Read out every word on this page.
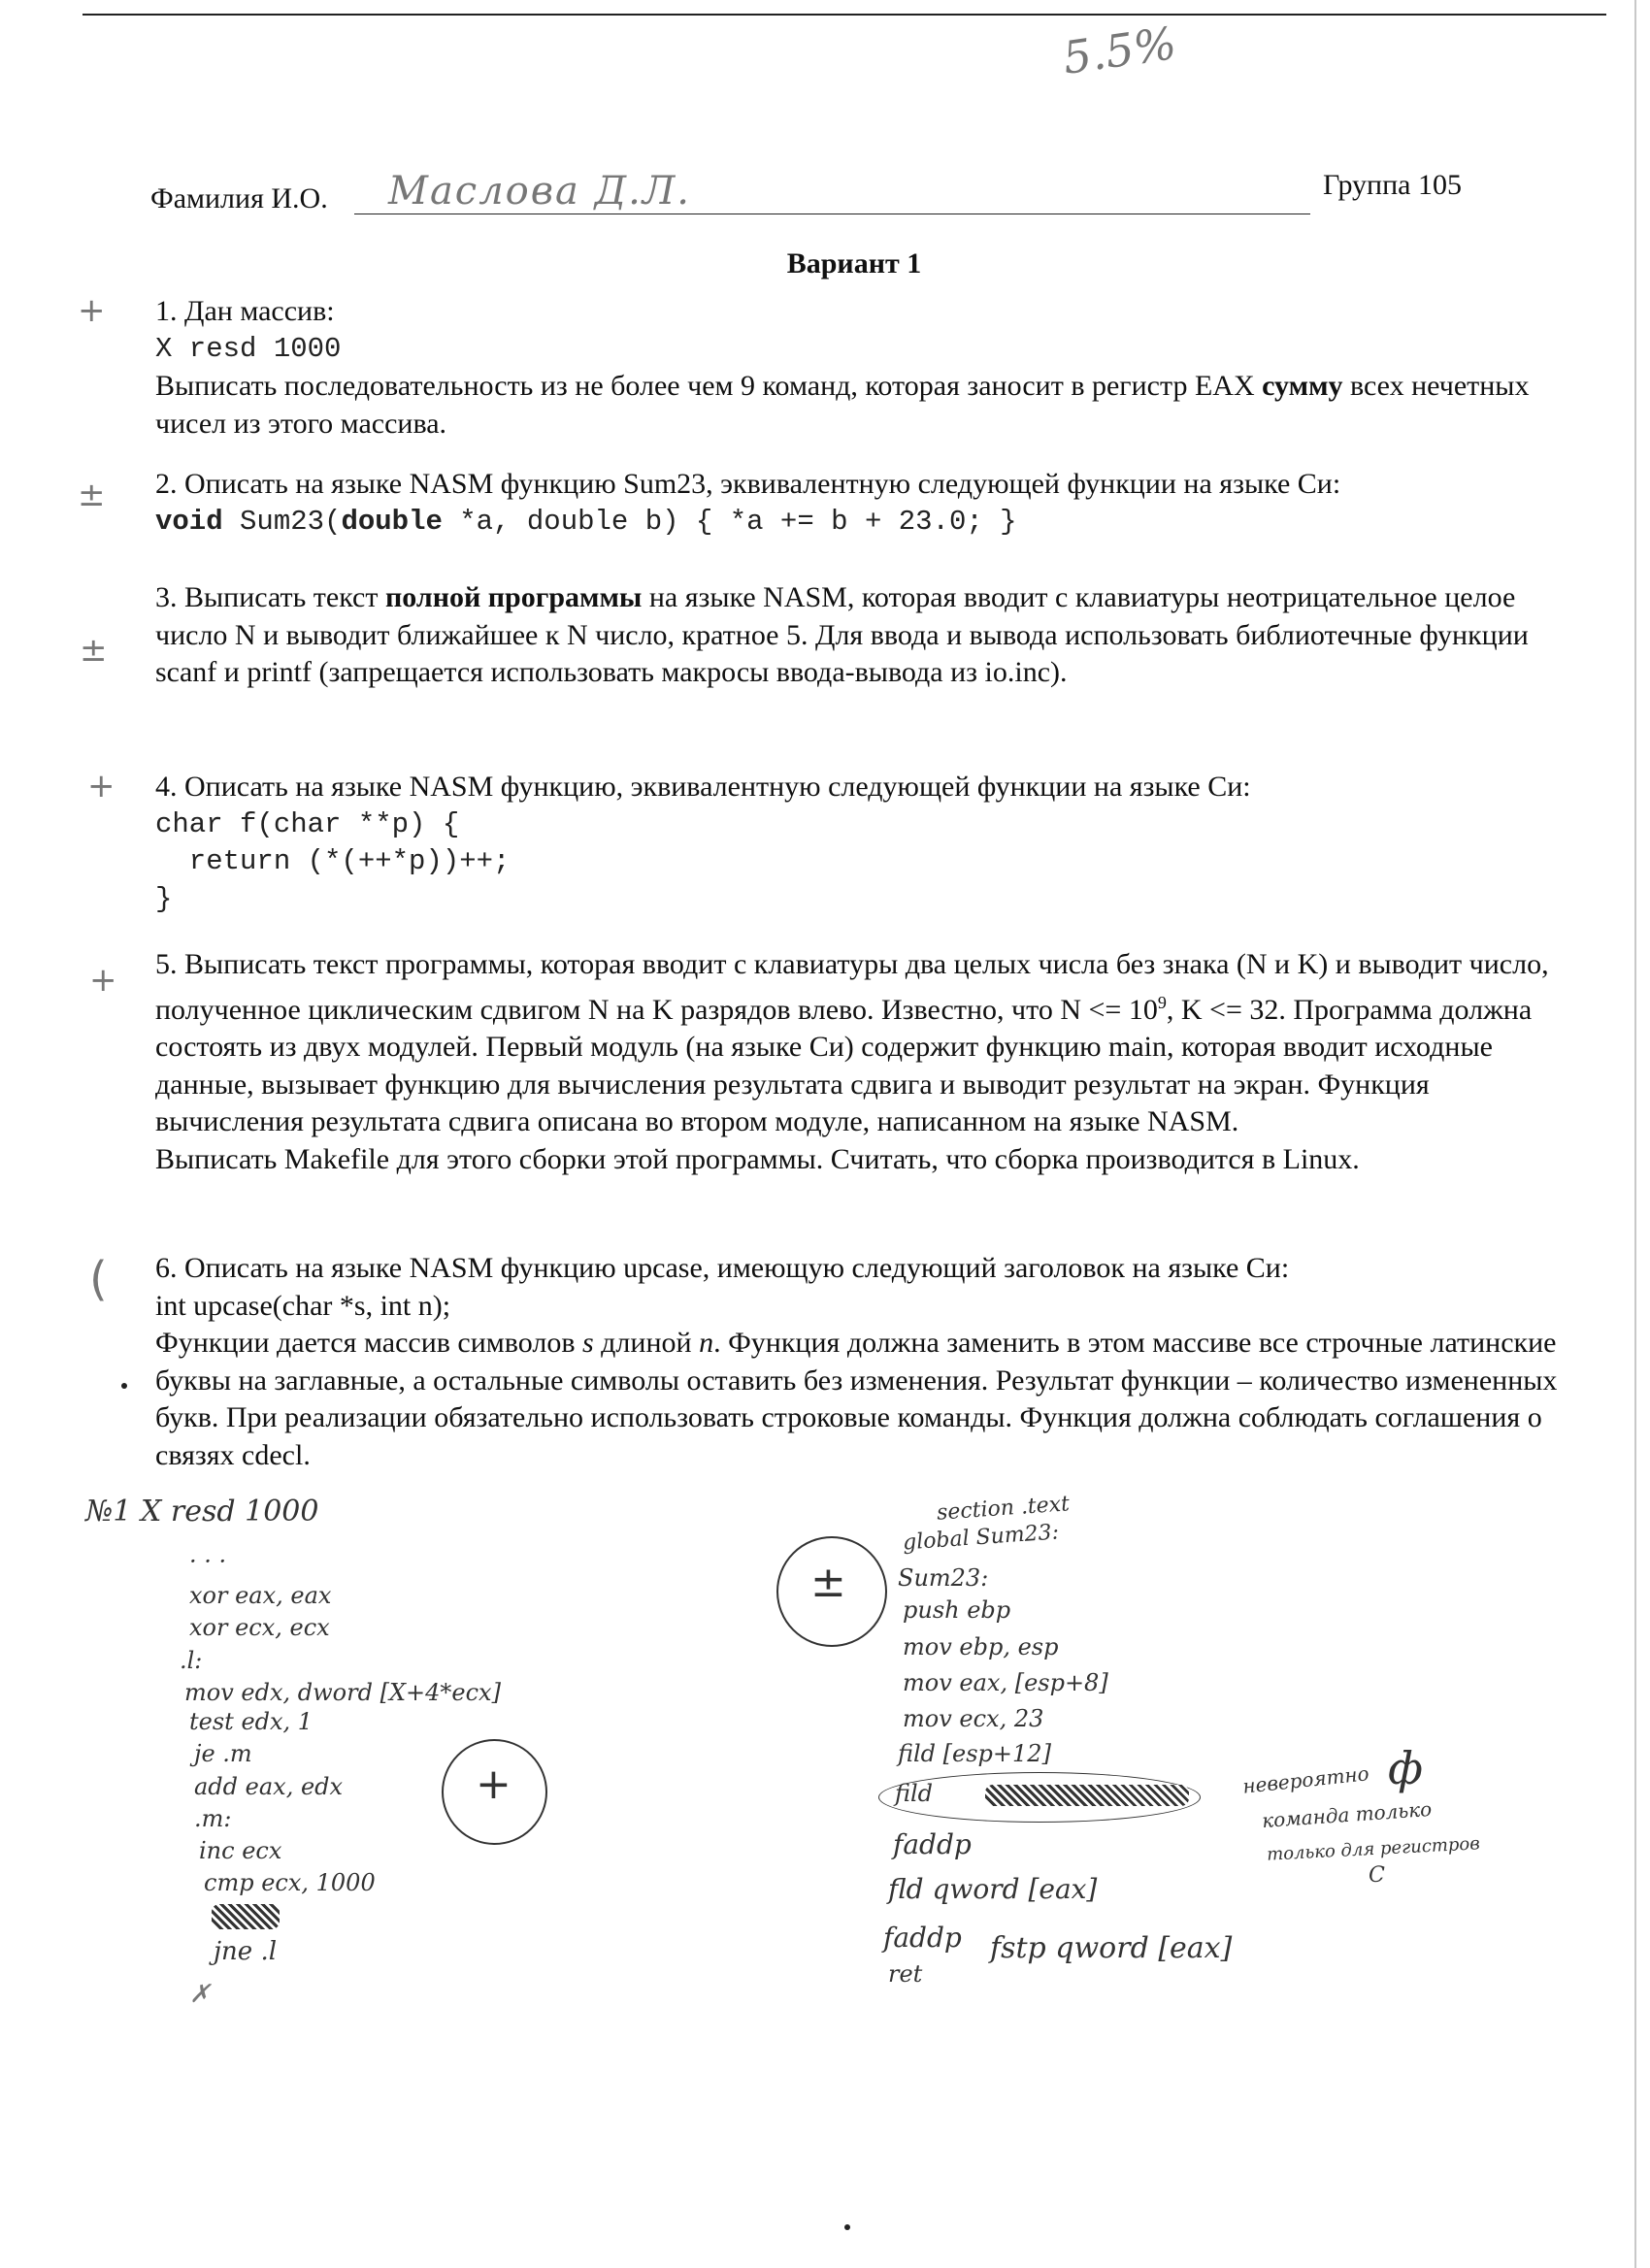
5.5%
Фамилия И.О. Маслова Д.Л.	Группа 105
Вариант 1
1. Дан массив:
X resd 1000
Выписать последовательность из не более чем 9 команд, которая заносит в регистр EAX сумму всех нечетных чисел из этого массива.
2. Описать на языке NASM функцию Sum23, эквивалентную следующей функции на языке Си:
void Sum23(double *a, double b) { *a += b + 23.0; }
3. Выписать текст полной программы на языке NASM, которая вводит с клавиатуры неотрицательное целое число N и выводит ближайшее к N число, кратное 5. Для ввода и вывода использовать библиотечные функции scanf и printf (запрещается использовать макросы ввода-вывода из io.inc).
4. Описать на языке NASM функцию, эквивалентную следующей функции на языке Си:
char f(char **p) {
return (*(++*p))++;
}
5. Выписать текст программы, которая вводит с клавиатуры два целых числа без знака (N и K) и выводит число, полученное циклическим сдвигом N на K разрядов влево. Известно, что $N <= 10^9$, K <= 32. Программа должна состоять из двух модулей. Первый модуль (на языке Си) содержит функцию main, которая вводит исходные данные, вызывает функцию для вычисления результата сдвига и выводит результат на экран. Функция вычисления результата сдвига описана во втором модуле, написанном на языке NASM.
Выписать Makefile для этого сборки этой программы. Считать, что сборка производится в Linux.
6. Описать на языке NASM функцию upcase, имеющую следующий заголовок на языке Си:
int upcase(char *s, int n);
Функции дается массив символов s длиной n. Функция должна заменить в этом массиве все строчные латинские буквы на заглавные, а остальные символы оставить без изменения. Результат функции – количество измененных букв. При реализации обязательно использовать строковые команды. Функция должна соблюдать соглашения о связях cdecl.
+
±
±
+
+
(
№1 X resd 1000
· · ·
xor eax, eax
xor ecx, ecx
.l:
mov edx, dword [X+4*ecx]
test edx, 1
je .m
add eax, edx
.m:
inc ecx
cmp ecx, 1000
jne .l
✗
+
section .text
global Sum23:
Sum23:
push ebp
mov ebp, esp
mov eax, [esp+8]
mov ecx, 23
fild [esp+12]
fild
faddp
fld qword [eax]
faddp fstp qword [eax]
ret
±
невероятно
команда только
только для регистров
ф
C
